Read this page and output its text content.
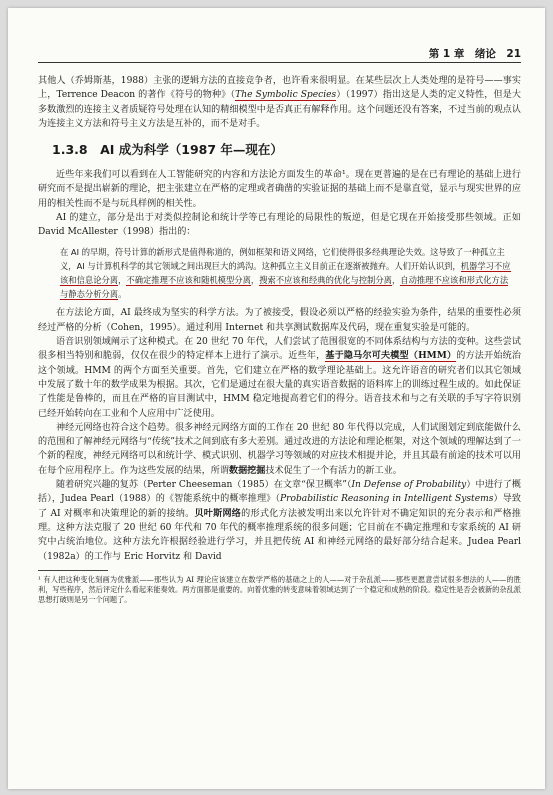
第 1 章　绪论　21

其他人（乔姆斯基，1988）主张的逻辑方法的直接竞争者，也许看来很明显。在某些层次上人类处理的是符号——事实上，Terrence Deacon 的著作《符号的物种》（The Symbolic Species）（1997）指出这是人类的定义特性，但是大多数激烈的连接主义者质疑符号处理在认知的精细模型中是否真正有解释作用。这个问题还没有答案，不过当前的观点认为连接主义方法和符号主义方法是互补的，而不是对手。

1.3.8　AI 成为科学（1987 年—现在）

近些年来我们可以看到在人工智能研究的内容和方法论方面发生的革命¹。现在更普遍的是在已有理论的基础上进行研究而不是提出崭新的理论，把主张建立在严格的定理或者确凿的实验证据的基础上而不是靠直觉，显示与现实世界的应用的相关性而不是与玩具样例的相关性。

AI 的建立，部分是出于对类似控制论和统计学等已有理论的局限性的叛逆，但是它现在开始接受那些领域。正如 David McAllester（1998）指出的：

在 AI 的早期，符号计算的新形式是值得称道的，例如框架和语义网络，它们使得很多经典理论失效。这导致了一种孤立主义，AI 与计算机科学的其它领域之间出现巨大的鸿沟。这种孤立主义目前正在逐渐被抛弃。人们开始认识到，机器学习不应该和信息论分离，不确定推理不应该和随机模型分离，搜索不应该和经典的优化与控制分离，自动推理不应该和形式化方法与静态分析分离。

在方法论方面，AI 最终成为坚实的科学方法。为了被接受，假设必须以严格的经验实验为条件，结果的重要性必须经过严格的分析（Cohen，1995）。通过利用 Internet 和共享测试数据库及代码，现在重复实验是可能的。

语音识别领域阐示了这种模式。在 20 世纪 70 年代，人们尝试了范围很宽的不同体系结构与方法的变种。这些尝试很多相当特别和脆弱，仅仅在很少的特定样本上进行了演示。近些年，基于隐马尔可夫模型（HMM）的方法开始统治这个领域。HMM 的两个方面至关重要。首先，它们建立在严格的数学理论基础上。这允许语音的研究者们以其它领域中发展了数十年的数学成果为根据。其次，它们是通过在很大量的真实语音数据的语料库上的训练过程生成的。如此保证了性能是鲁棒的，而且在严格的盲目测试中，HMM 稳定地提高着它们的得分。语音技术和与之有关联的手写字符识别已经开始转向在工业和个人应用中广泛使用。

神经元网络也符合这个趋势。很多神经元网络方面的工作在 20 世纪 80 年代得以完成，人们试图划定到底能做什么的范围和了解神经元网络与“传统”技术之间到底有多大差别。通过改进的方法论和理论框架，对这个领域的理解达到了一个新的程度，神经元网络可以和统计学、模式识别、机器学习等领域的对应技术相提并论，并且其最有前途的技术可以用在每个应用程序上。作为这些发展的结果，所谓数据挖掘技术促生了一个有活力的新工业。

随着研究兴趣的复苏（Perter Cheeseman（1985）在文章“保卫概率”（In Defense of Probability）中进行了概括），Judea Pearl（1988）的《智能系统中的概率推理》（Probabilistic Reasoning in Intelligent Systems）导致了 AI 对概率和决策理论的新的接纳。贝叶斯网络的形式化方法被发明出来以允许针对不确定知识的充分表示和严格推理。这种方法克服了 20 世纪 60 年代和 70 年代的概率推理系统的很多问题；它目前在不确定推理和专家系统的 AI 研究中占统治地位。这种方法允许根据经验进行学习，并且把传统 AI 和神经元网络的最好部分结合起来。Judea Pearl（1982a）的工作与 Eric Horvitz 和 David

¹ 有人把这种变化刻画为优雅派——那些认为 AI 理论应该建立在数学严格的基础之上的人——对于杂乱派——那些更愿意尝试很多想法的人——的胜利，写些程序，然后评定什么看起来能奏效。两方面都是重要的。向着优雅的转变意味着领域达到了一个稳定和成熟的阶段。稳定性是否会被新的杂乱派思想打破则是另一个问题了。
